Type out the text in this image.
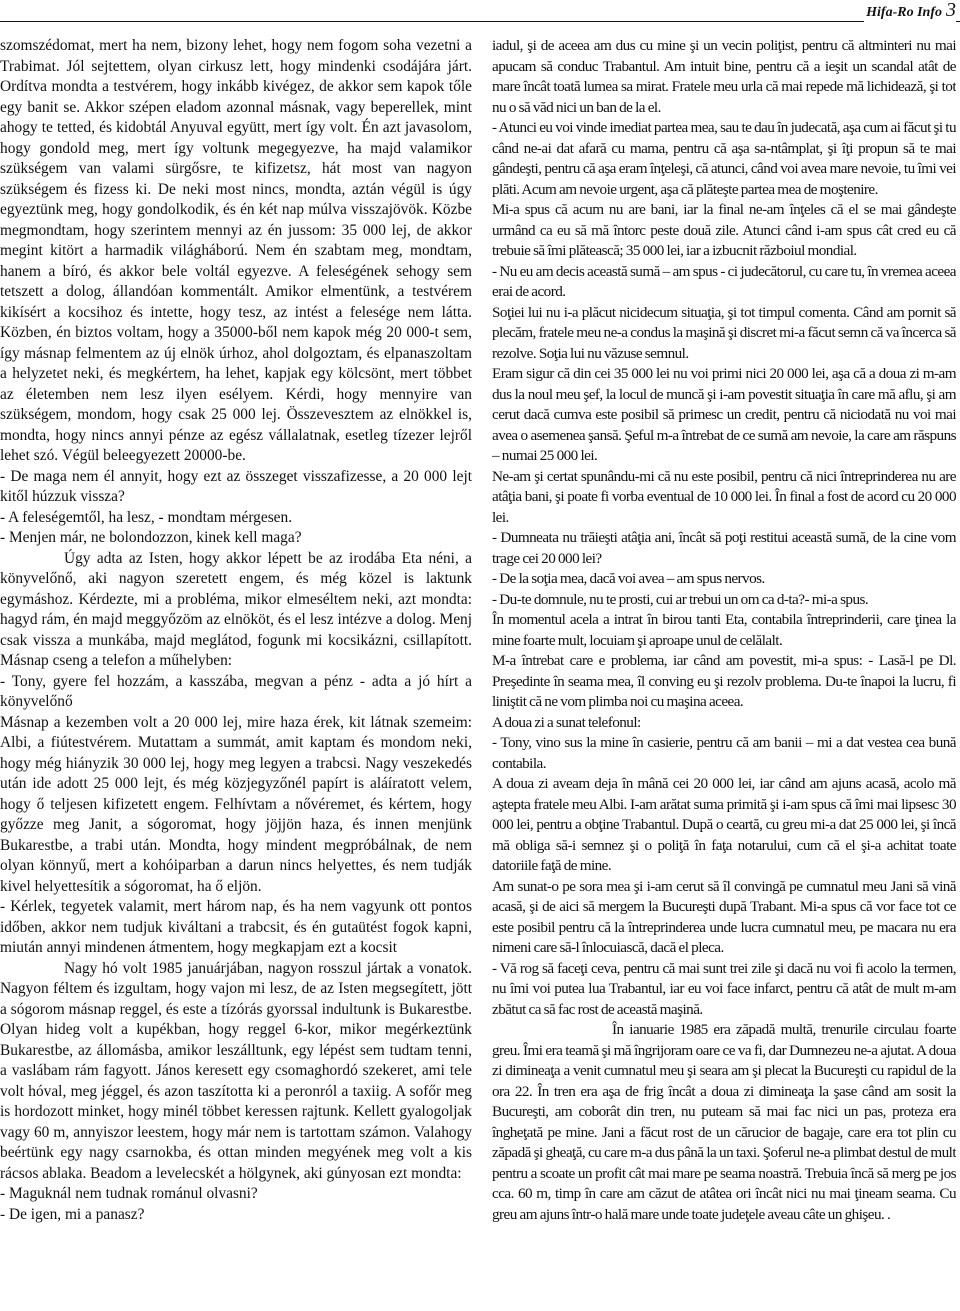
Hifa-Ro Info 3

szomszédomat, mert ha nem, bizony lehet, hogy nem fogom soha vezetni a Trabimat. Jól sejtettem, olyan cirkusz lett, hogy mindenki csodájára járt. Ordítva mondta a testvérem, hogy inkább kivégez, de akkor sem kapok tőle egy banit se. Akkor szépen eladom azonnal másnak, vagy beperellek, mint ahogy te tetted, és kidobtál Anyuval együtt, mert így volt. Én azt javasolom, hogy gondold meg, mert így voltunk megegyezve, ha majd valamikor szükségem van valami sürgősre, te kifizetsz, hát most van nagyon szükségem és fizess ki. De neki most nincs, mondta, aztán végül is úgy egyeztünk meg, hogy gondolkodik, és én két nap múlva visszajövök. Közbe megmondtam, hogy szerintem mennyi az én jussom: 35 000 lej, de akkor megint kitört a harmadik világháború. Nem én szabtam meg, mondtam, hanem a bíró, és akkor bele voltál egyezve. A feleségének sehogy sem tetszett a dolog, állandóan kommentált. Amikor elmentünk, a testvérem kikísért a kocsihoz és intette, hogy tesz, az intést a felesége nem látta. Közben, én biztos voltam, hogy a 35000-ből nem kapok még 20 000-t sem, így másnap felmentem az új elnök úrhoz, ahol dolgoztam, és elpanaszoltam a helyzetet neki, és megkértem, ha lehet, kapjak egy kölcsönt, mert többet az életemben nem lesz ilyen esélyem. Kérdi, hogy mennyire van szükségem, mondom, hogy csak 25 000 lej. Összevesztem az elnökkel is, mondta, hogy nincs annyi pénze az egész vállalatnak, esetleg tízezer lejről lehet szó. Végül beleegyezett 20000-be.

- De maga nem él annyit, hogy ezt az összeget visszafizesse, a 20 000 lejt kitől húzzuk vissza?

- A feleségemtől, ha lesz, - mondtam mérgesen.

- Menjen már, ne bolondozzon, kinek kell maga?

Úgy adta az Isten, hogy akkor lépett be az irodába Eta néni, a könyvelőnő, aki nagyon szeretett engem, és még közel is laktunk egymáshoz. Kérdezte, mi a probléma, mikor elmeséltem neki, azt mondta: hagyd rám, én majd meggyőzöm az elnököt, és el lesz intézve a dolog. Menj csak vissza a munkába, majd meglátod, fogunk mi kocsikázni, csillapított. Másnap cseng a telefon a műhelyben:

- Tony, gyere fel hozzám, a kasszába, megvan a pénz - adta a jó hírt a könyvelőnő

Másnap a kezemben volt a 20 000 lej, mire haza érek, kit látnak szemeim: Albi, a fiútestvérem. Mutattam a summát, amit kaptam és mondom neki, hogy még hiányzik 30 000 lej, hogy meg legyen a trabcsi. Nagy veszekedés után ide adott 25 000 lejt, és még közjegyzőnél papírt is aláíratott velem, hogy ő teljesen kifizetett engem. Felhívtam a nővéremet, és kértem, hogy győzze meg Janit, a sógoromat, hogy jöjjön haza, és innen menjünk Bukarestbe, a trabi után. Mondta, hogy mindent megpróbálnak, de nem olyan könnyű, mert a kohóiparban a darun nincs helyettes, és nem tudják kivel helyettesítik a sógoromat, ha ő eljön.

- Kérlek, tegyetek valamit, mert három nap, és ha nem vagyunk ott pontos időben, akkor nem tudjuk kiváltani a trabcsit, és én gutaütést fogok kapni, miután annyi mindenen átmentem, hogy megkapjam ezt a kocsit

Nagy hó volt 1985 januárjában, nagyon rosszul jártak a vonatok. Nagyon féltem és izgultam, hogy vajon mi lesz, de az Isten megsegített, jött a sógorom másnap reggel, és este a tízórás gyorssal indultunk is Bukarestbe. Olyan hideg volt a kupékban, hogy reggel 6-kor, mikor megérkeztünk Bukarestbe, az állomásba, amikor leszálltunk, egy lépést sem tudtam tenni, a vaslábam rám fagyott. János keresett egy csomaghordó szekeret, ami tele volt hóval, meg jéggel, és azon taszította ki a peronról a taxiig. A sofőr meg is hordozott minket, hogy minél többet keressen rajtunk. Kellett gyalogoljak vagy 60 m, annyiszor leestem, hogy már nem is tartottam számon. Valahogy beértünk egy nagy csarnokba, és ottan minden megyének meg volt a kis rácsos ablaka. Beadom a levelecskét a hölgynek, aki gúnyosan ezt mondta:

- Maguknál nem tudnak románul olvasni?

- De igen, mi a panasz?

iadul, şi de aceea am dus cu mine şi un vecin poliţist, pentru că altminteri nu mai apucam să conduc Trabantul. Am intuit bine, pentru că a ieşit un scandal atât de mare încât toată lumea sa mirat. Fratele meu urla că mai repede mă lichidează, şi tot nu o să văd nici un ban de la el.

- Atunci eu voi vinde imediat partea mea, sau te dau în judecată, aşa cum ai făcut şi tu când ne-ai dat afară cu mama, pentru că aşa sa-ntâmplat, şi îţi propun să te mai gândeşti, pentru că aşa eram înţeleşi, că atunci, când voi avea mare nevoie, tu îmi vei plăti. Acum am nevoie urgent, aşa că plăteşte partea mea de moştenire.

Mi-a spus că acum nu are bani, iar la final ne-am înţeles că el se mai gândeşte urmând ca eu să mă întorc peste două zile. Atunci când i-am spus cât cred eu că trebuie să îmi plătească; 35 000 lei, iar a izbucnit războiul mondial.

- Nu eu am decis această sumă – am spus - ci judecătorul, cu care tu, în vremea aceea erai de acord.

Soţiei lui nu i-a plăcut nicidecum situaţia, şi tot timpul comenta. Când am pornit să plecăm, fratele meu ne-a condus la maşină şi discret mi-a făcut semn că va încerca să rezolve. Soţia lui nu văzuse semnul.

Eram sigur că din cei 35 000 lei nu voi primi nici 20 000 lei, aşa că a doua zi m-am dus la noul meu şef, la locul de muncă şi i-am povestit situaţia în care mă aflu, şi am cerut dacă cumva este posibil să primesc un credit, pentru că niciodată nu voi mai avea o asemenea şansă. Şeful m-a întrebat de ce sumă am nevoie, la care am răspuns – numai 25 000 lei.

Ne-am şi certat spunându-mi că nu este posibil, pentru că nici întreprinderea nu are atâţia bani, şi poate fi vorba eventual de 10 000 lei. În final a fost de acord cu 20 000 lei.

- Dumneata nu trăieşti atâţia ani, încât să poţi restitui această sumă, de la cine vom trage cei 20 000 lei?

- De la soţia mea, dacă voi avea – am spus nervos.

- Du-te domnule, nu te prosti, cui ar trebui un om ca d-ta?- mi-a spus.

În momentul acela a intrat în birou tanti Eta, contabila întreprinderii, care ţinea la mine foarte mult, locuiam şi aproape unul de celălalt.

M-a întrebat care e problema, iar când am povestit, mi-a spus: - Lasă-l pe Dl. Preşedinte în seama mea, îl conving eu şi rezolv problema. Du-te înapoi la lucru, fi liniştit că ne vom plimba noi cu maşina aceea.

A doua zi a sunat telefonul:

- Tony, vino sus la mine în casierie, pentru că am banii – mi a dat vestea cea bună contabila.

A doua zi aveam deja în mână cei 20 000 lei, iar când am ajuns acasă, acolo mă aştepta fratele meu Albi. I-am arătat suma primită şi i-am spus că îmi mai lipsesc 30 000 lei, pentru a obţine Trabantul. După o ceartă, cu greu mi-a dat 25 000 lei, şi încă mă obliga să-i semnez şi o poliţă în faţa notarului, cum că el şi-a achitat toate datoriile faţă de mine.

Am sunat-o pe sora mea şi i-am cerut să îl convingă pe cumnatul meu Jani să vină acasă, şi de aici să mergem la Bucureşti după Trabant. Mi-a spus că vor face tot ce este posibil pentru că la întreprinderea unde lucra cumnatul meu, pe macara nu era nimeni care să-l înlocuiască, dacă el pleca.

- Vă rog să faceţi ceva, pentru că mai sunt trei zile şi dacă nu voi fi acolo la termen, nu îmi voi putea lua Trabantul, iar eu voi face infarct, pentru că atât de mult m-am zbătut ca să fac rost de această maşină.

În ianuarie 1985 era zăpadă multă, trenurile circulau foarte greu. Îmi era teamă şi mă îngrijoram oare ce va fi, dar Dumnezeu ne-a ajutat. A doua zi dimineaţa a venit cumnatul meu şi seara am şi plecat la Bucureşti cu rapidul de la ora 22. În tren era aşa de frig încât a doua zi dimineaţa la şase când am sosit la Bucureşti, am coborât din tren, nu puteam să mai fac nici un pas, proteza era îngheţată pe mine. Jani a făcut rost de un cărucior de bagaje, care era tot plin cu zăpadă şi gheaţă, cu care m-a dus până la un taxi. Şoferul ne-a plimbat destul de mult pentru a scoate un profit cât mai mare pe seama noastră. Trebuia încă să merg pe jos cca. 60 m, timp în care am căzut de atâtea ori încât nici nu mai ţineam seama. Cu greu am ajuns într-o hală mare unde toate judeţele aveau câte un ghişeu. .
